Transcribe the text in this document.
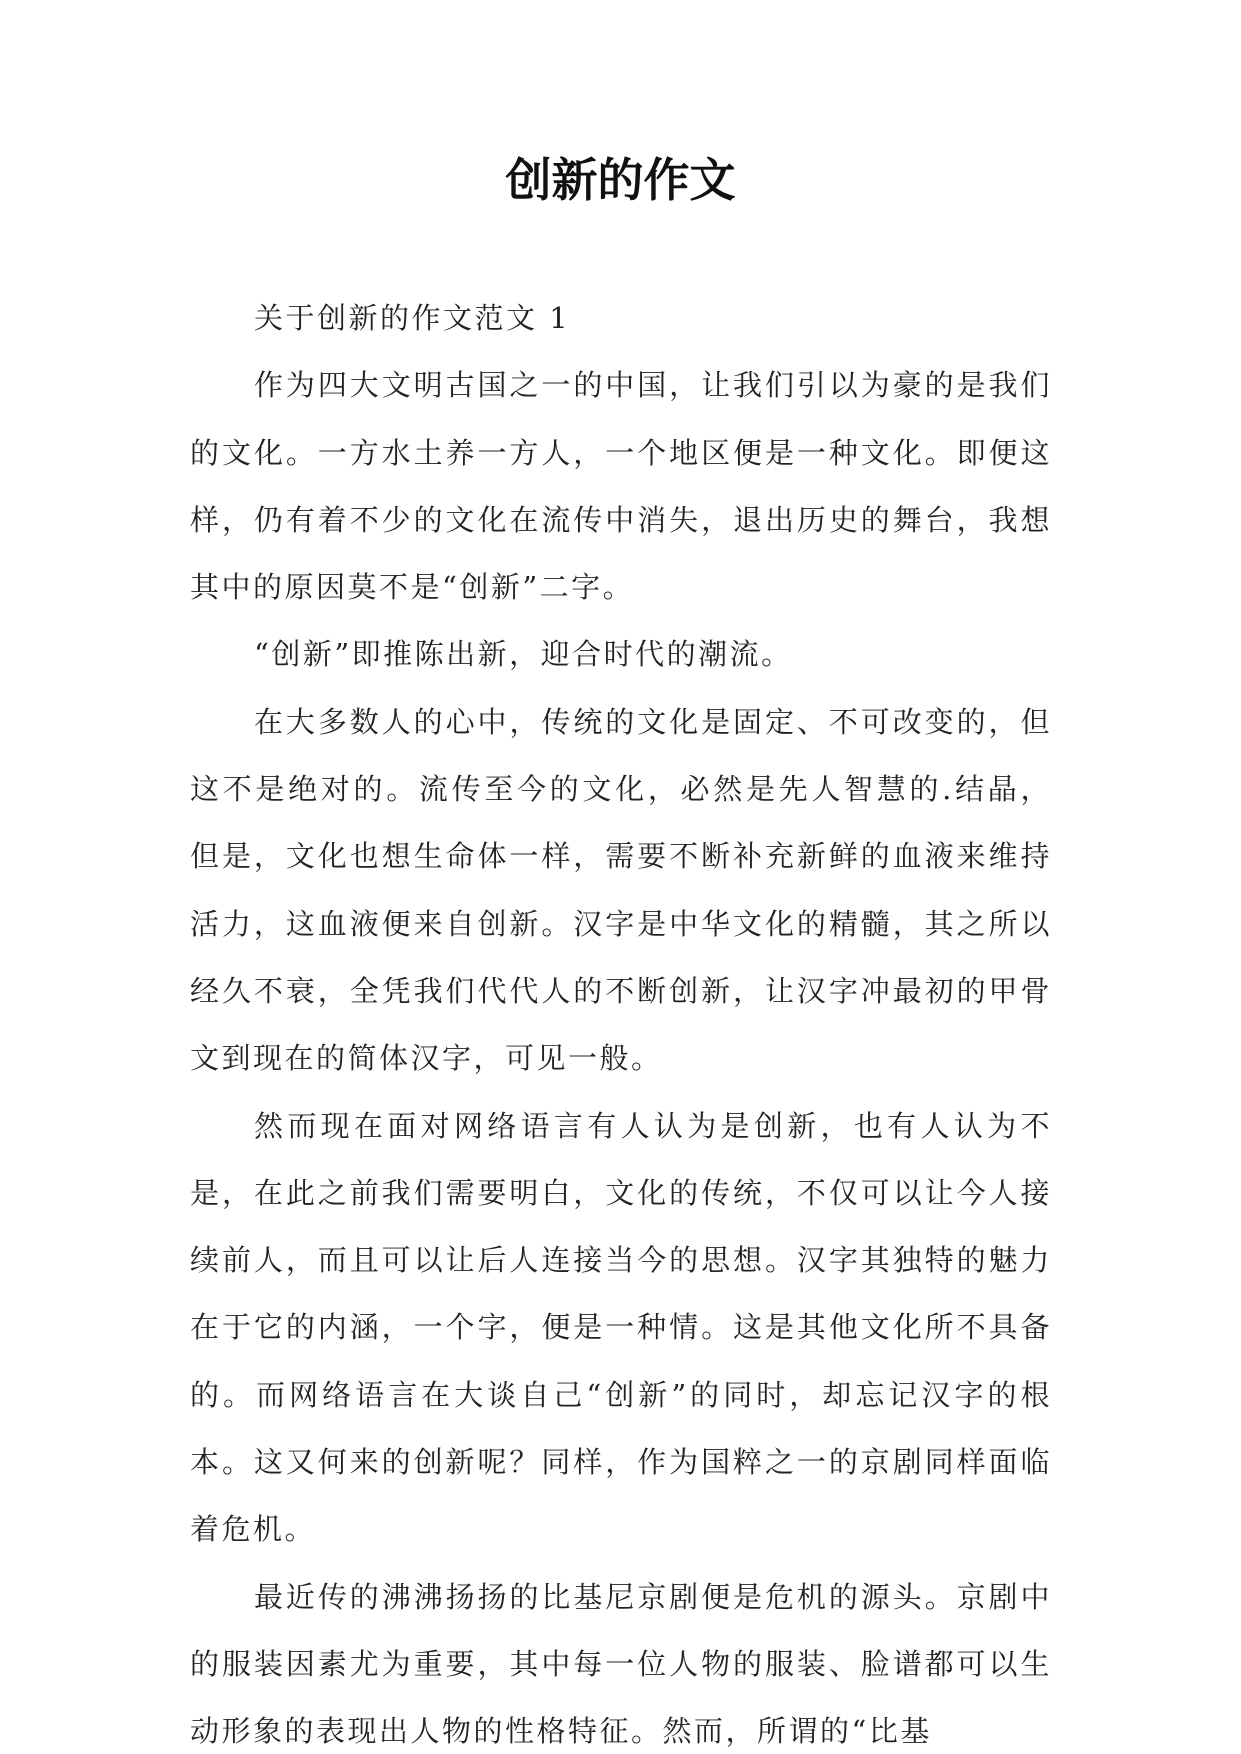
创新的作文

关于创新的作文范文 1

作为四大文明古国之一的中国，让我们引以为豪的是我们的文化。一方水土养一方人，一个地区便是一种文化。即便这样，仍有着不少的文化在流传中消失，退出历史的舞台，我想其中的原因莫不是“创新”二字。

“创新”即推陈出新，迎合时代的潮流。

在大多数人的心中，传统的文化是固定、不可改变的，但这不是绝对的。流传至今的文化，必然是先人智慧的.结晶，但是，文化也想生命体一样，需要不断补充新鲜的血液来维持活力，这血液便来自创新。汉字是中华文化的精髓，其之所以经久不衰，全凭我们代代人的不断创新，让汉字冲最初的甲骨文到现在的简体汉字，可见一般。

然而现在面对网络语言有人认为是创新，也有人认为不是，在此之前我们需要明白，文化的传统，不仅可以让今人接续前人，而且可以让后人连接当今的思想。汉字其独特的魅力在于它的内涵，一个字，便是一种情。这是其他文化所不具备的。而网络语言在大谈自己“创新”的同时，却忘记汉字的根本。这又何来的创新呢？同样，作为国粹之一的京剧同样面临着危机。

最近传的沸沸扬扬的比基尼京剧便是危机的源头。京剧中的服装因素尤为重要，其中每一位人物的服装、脸谱都可以生动形象的表现出人物的性格特征。然而，所谓的“比基
